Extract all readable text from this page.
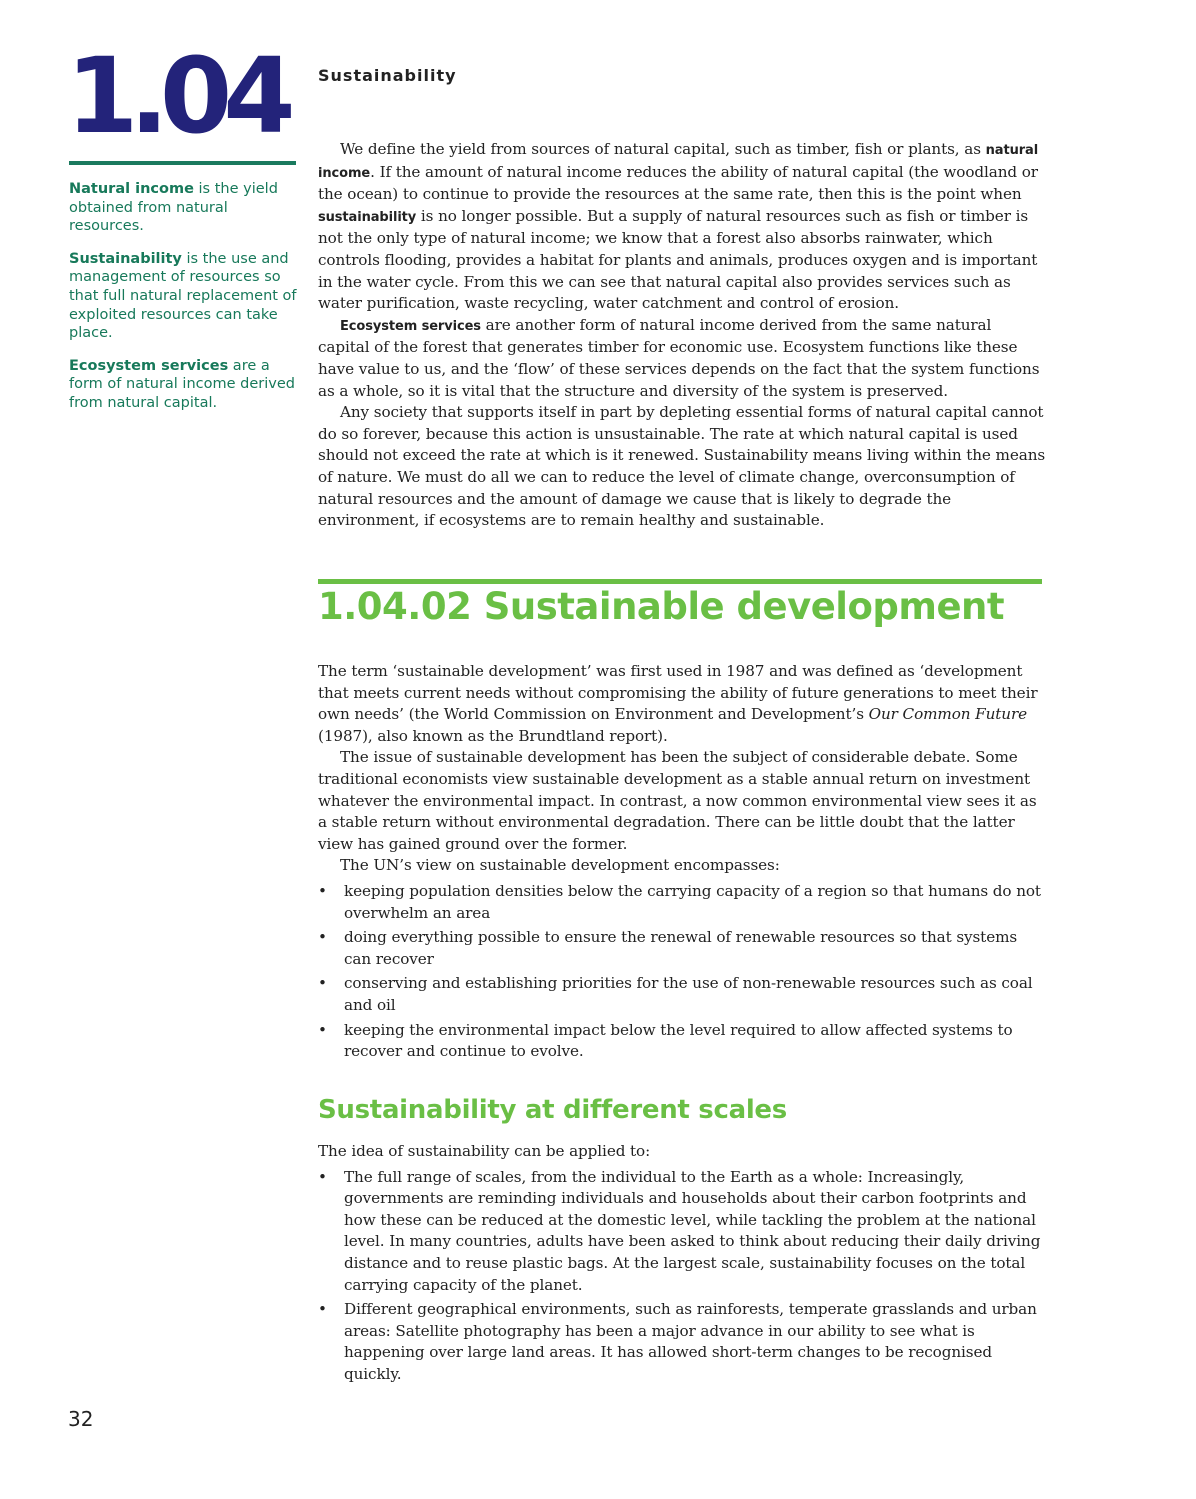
1.04

Natural income is the yield obtained from natural resources.

Sustainability is the use and management of resources so that full natural replacement of exploited resources can take place.

Ecosystem services are a form of natural income derived from natural capital.

Sustainability

We define the yield from sources of natural capital, such as timber, fish or plants, as natural income. If the amount of natural income reduces the ability of natural capital (the woodland or the ocean) to continue to provide the resources at the same rate, then this is the point when sustainability is no longer possible. But a supply of natural resources such as fish or timber is not the only type of natural income; we know that a forest also absorbs rainwater, which controls flooding, provides a habitat for plants and animals, produces oxygen and is important in the water cycle. From this we can see that natural capital also provides services such as water purification, waste recycling, water catchment and control of erosion.

Ecosystem services are another form of natural income derived from the same natural capital of the forest that generates timber for economic use. Ecosystem functions like these have value to us, and the ‘flow’ of these services depends on the fact that the system functions as a whole, so it is vital that the structure and diversity of the system is preserved.

Any society that supports itself in part by depleting essential forms of natural capital cannot do so forever, because this action is unsustainable. The rate at which natural capital is used should not exceed the rate at which is it renewed. Sustainability means living within the means of nature. We must do all we can to reduce the level of climate change, overconsumption of natural resources and the amount of damage we cause that is likely to degrade the environment, if ecosystems are to remain healthy and sustainable.

1.04.02 Sustainable development

The term ‘sustainable development’ was first used in 1987 and was defined as ‘development that meets current needs without compromising the ability of future generations to meet their own needs’ (the World Commission on Environment and Development’s Our Common Future (1987), also known as the Brundtland report).

The issue of sustainable development has been the subject of considerable debate. Some traditional economists view sustainable development as a stable annual return on investment whatever the environmental impact. In contrast, a now common environmental view sees it as a stable return without environmental degradation. There can be little doubt that the latter view has gained ground over the former.

The UN’s view on sustainable development encompasses:

• keeping population densities below the carrying capacity of a region so that humans do not overwhelm an area
• doing everything possible to ensure the renewal of renewable resources so that systems can recover
• conserving and establishing priorities for the use of non-renewable resources such as coal and oil
• keeping the environmental impact below the level required to allow affected systems to recover and continue to evolve.
Sustainability at different scales

The idea of sustainability can be applied to:

• The full range of scales, from the individual to the Earth as a whole: Increasingly, governments are reminding individuals and households about their carbon footprints and how these can be reduced at the domestic level, while tackling the problem at the national level. In many countries, adults have been asked to think about reducing their daily driving distance and to reuse plastic bags. At the largest scale, sustainability focuses on the total carrying capacity of the planet.
• Different geographical environments, such as rainforests, temperate grasslands and urban areas: Satellite photography has been a major advance in our ability to see what is happening over large land areas. It has allowed short-term changes to be recognised quickly.
32
